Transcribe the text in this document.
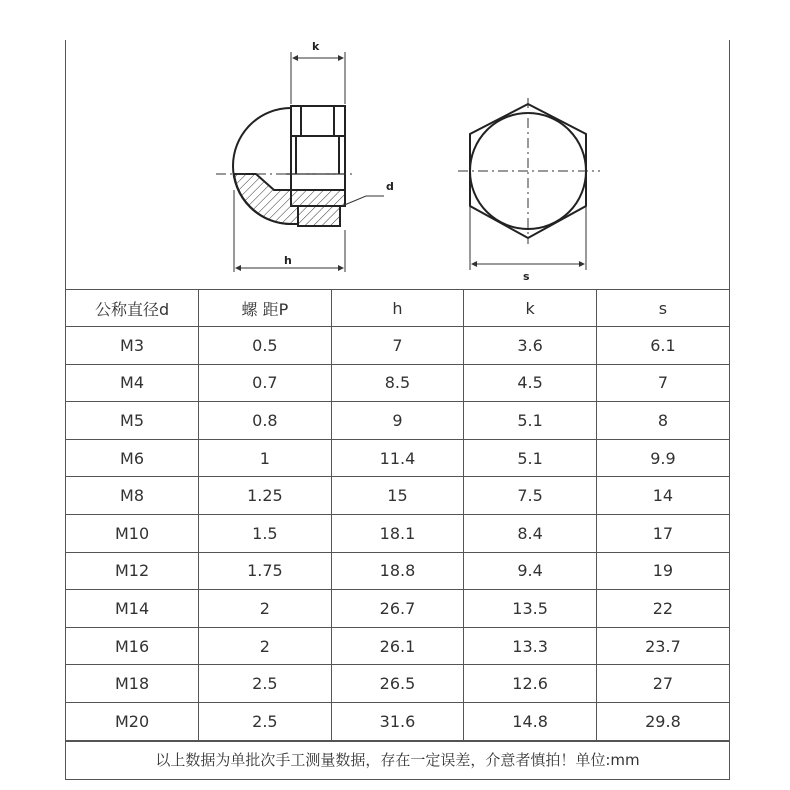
k
h
d
s
公称直径d	螺 距P	h	k	s
M3	0.5	7	3.6	6.1
M4	0.7	8.5	4.5	7
M5	0.8	9	5.1	8
M6	1	11.4	5.1	9.9
M8	1.25	15	7.5	14
M10	1.5	18.1	8.4	17
M12	1.75	18.8	9.4	19
M14	2	26.7	13.5	22
M16	2	26.1	13.3	23.7
M18	2.5	26.5	12.6	27
M20	2.5	31.6	14.8	29.8
以上数据为单批次手工测量数据，存在一定误差，介意者慎拍！单位:mm
